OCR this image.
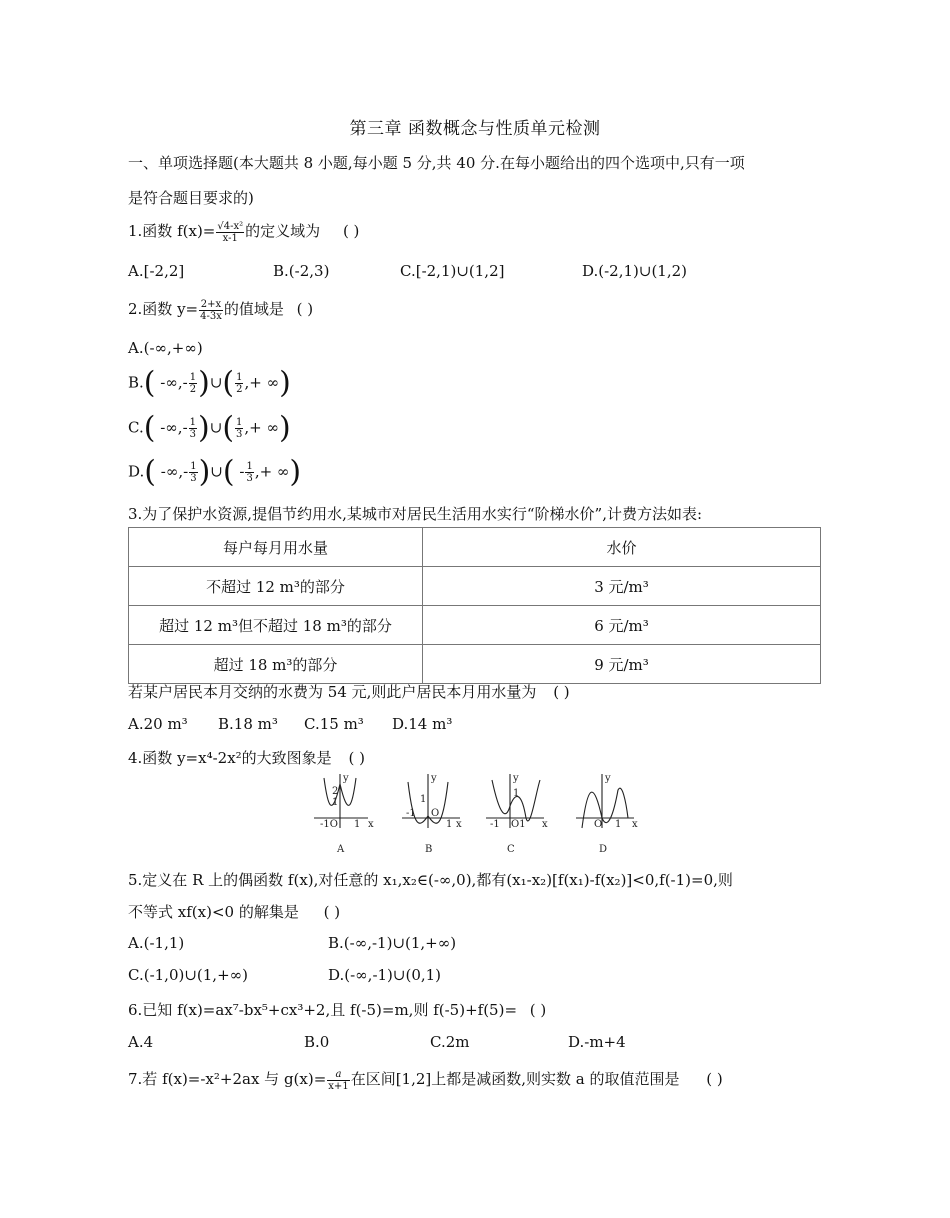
第三章 函数概念与性质单元检测
一、单项选择题(本大题共 8 小题,每小题 5 分,共 40 分.在每小题给出的四个选项中,只有一项
是符合题目要求的)
1.函数 $f(x)= \frac{\text{√4-x²}}{x-1}$ 的定义域为 ( )
A.[-2,2]	B.(-2,3)	C.[-2,1)∪(1,2]	D.(-2,1)∪(1,2)
2.函数 $y= \frac{2+x}{4-3x}$ 的值域是 ( )
A.(-∞,+∞)
B.( -∞,- $\frac{1}{2}$ )∪( $\frac{1}{2}$ ,+ ∞)
C.( -∞,- $\frac{1}{3}$ )∪( $\frac{1}{3}$ ,+ ∞)
D.( -∞,- $\frac{1}{3}$ )∪( - $\frac{1}{3}$ ,+ ∞)
3.为了保护水资源,提倡节约用水,某城市对居民生活用水实行“阶梯水价”,计费方法如表:
每户每月用水量	水价
不超过 12 m³的部分	3 元/m³
超过 12 m³但不超过 18 m³的部分	6 元/m³
超过 18 m³的部分	9 元/m³
若某户居民本月交纳的水费为 54 元,则此户居民本月用水量为 ( )
A.20 m³ B.18 m³ C.15 m³ D.14 m³
4.函数 y=x⁴-2x²的大致图象是 ( )
y
x
2
1
-1O 1
A
y
x
1
-1 O
1
B
y
x
1
-1 O1
C
y
x
O 1
D
5.定义在 R 上的偶函数 f(x),对任意的 x₁,x₂∈(-∞,0),都有(x₁-x₂)[f(x₁)-f(x₂)]<0,f(-1)=0,则
不等式 xf(x)<0 的解集是 ( )
A.(-1,1)	B.(-∞,-1)∪(1,+∞)
C.(-1,0)∪(1,+∞)	D.(-∞,-1)∪(0,1)
6.已知 f(x)=ax⁷-bx⁵+cx³+2,且 f(-5)=m,则 f(-5)+f(5)= ( )
A.4	B.0	C.2m	D.-m+4
7.若 f(x)=-x²+2ax 与 $g(x)= \frac{a}{x+1}$ 在区间[1,2]上都是减函数,则实数 a 的取值范围是 ( )
